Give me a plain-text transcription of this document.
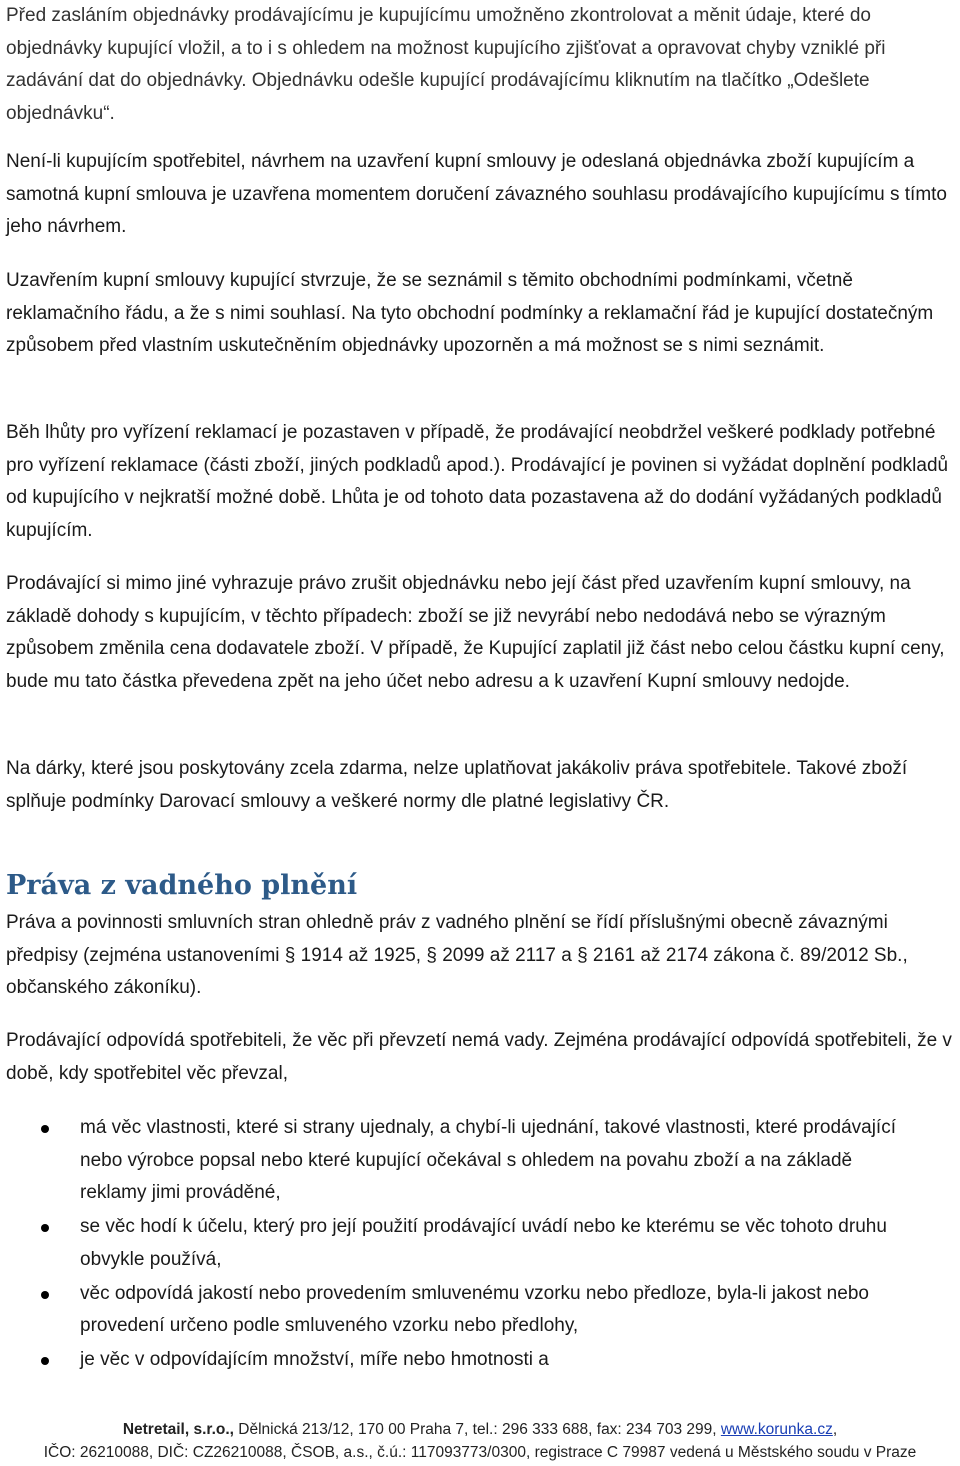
Před zasláním objednávky prodávajícímu je kupujícímu umožněno zkontrolovat a měnit údaje, které do objednávky kupující vložil, a to i s ohledem na možnost kupujícího zjišťovat a opravovat chyby vzniklé při zadávání dat do objednávky. Objednávku odešle kupující prodávajícímu kliknutím na tlačítko „Odešlete objednávku“.

Není-li kupujícím spotřebitel, návrhem na uzavření kupní smlouvy je odeslaná objednávka zboží kupujícím a samotná kupní smlouva je uzavřena momentem doručení závazného souhlasu prodávajícího kupujícímu s tímto jeho návrhem.

Uzavřením kupní smlouvy kupující stvrzuje, že se seznámil s těmito obchodními podmínkami, včetně reklamačního řádu, a že s nimi souhlasí. Na tyto obchodní podmínky a reklamační řád je kupující dostatečným způsobem před vlastním uskutečněním objednávky upozorněn a má možnost se s nimi seznámit.

Běh lhůty pro vyřízení reklamací je pozastaven v případě, že prodávající neobdržel veškeré podklady potřebné pro vyřízení reklamace (části zboží, jiných podkladů apod.). Prodávající je povinen si vyžádat doplnění podkladů od kupujícího v nejkratší možné době. Lhůta je od tohoto data pozastavena až do dodání vyžádaných podkladů kupujícím.

Prodávající si mimo jiné vyhrazuje právo zrušit objednávku nebo její část před uzavřením kupní smlouvy, na základě dohody s kupujícím, v těchto případech: zboží se již nevyrábí nebo nedodává nebo se výrazným způsobem změnila cena dodavatele zboží. V případě, že Kupující zaplatil již část nebo celou částku kupní ceny, bude mu tato částka převedena zpět na jeho účet nebo adresu a k uzavření Kupní smlouvy nedojde.

Na dárky, které jsou poskytovány zcela zdarma, nelze uplatňovat jakákoliv práva spotřebitele. Takové zboží splňuje podmínky Darovací smlouvy a veškeré normy dle platné legislativy ČR.

Práva z vadného plnění

Práva a povinnosti smluvních stran ohledně práv z vadného plnění se řídí příslušnými obecně závaznými předpisy (zejména ustanoveními § 1914 až 1925, § 2099 až 2117 a § 2161 až 2174 zákona č. 89/2012 Sb., občanského zákoníku).

Prodávající odpovídá spotřebiteli, že věc při převzetí nemá vady. Zejména prodávající odpovídá spotřebiteli, že v době, kdy spotřebitel věc převzal,

má věc vlastnosti, které si strany ujednaly, a chybí-li ujednání, takové vlastnosti, které prodávající nebo výrobce popsal nebo které kupující očekával s ohledem na povahu zboží a na základě reklamy jimi prováděné,
se věc hodí k účelu, který pro její použití prodávající uvádí nebo ke kterému se věc tohoto druhu obvykle používá,
věc odpovídá jakostí nebo provedením smluvenému vzorku nebo předloze, byla-li jakost nebo provedení určeno podle smluveného vzorku nebo předlohy,
je věc v odpovídajícím množství, míře nebo hmotnosti a
Netretail, s.r.o., Dělnická 213/12, 170 00 Praha 7, tel.: 296 333 688, fax: 234 703 299, www.korunka.cz,
IČO: 26210088, DIČ: CZ26210088, ČSOB, a.s., č.ú.: 117093773/0300, registrace C 79987 vedená u Městského soudu v Praze
